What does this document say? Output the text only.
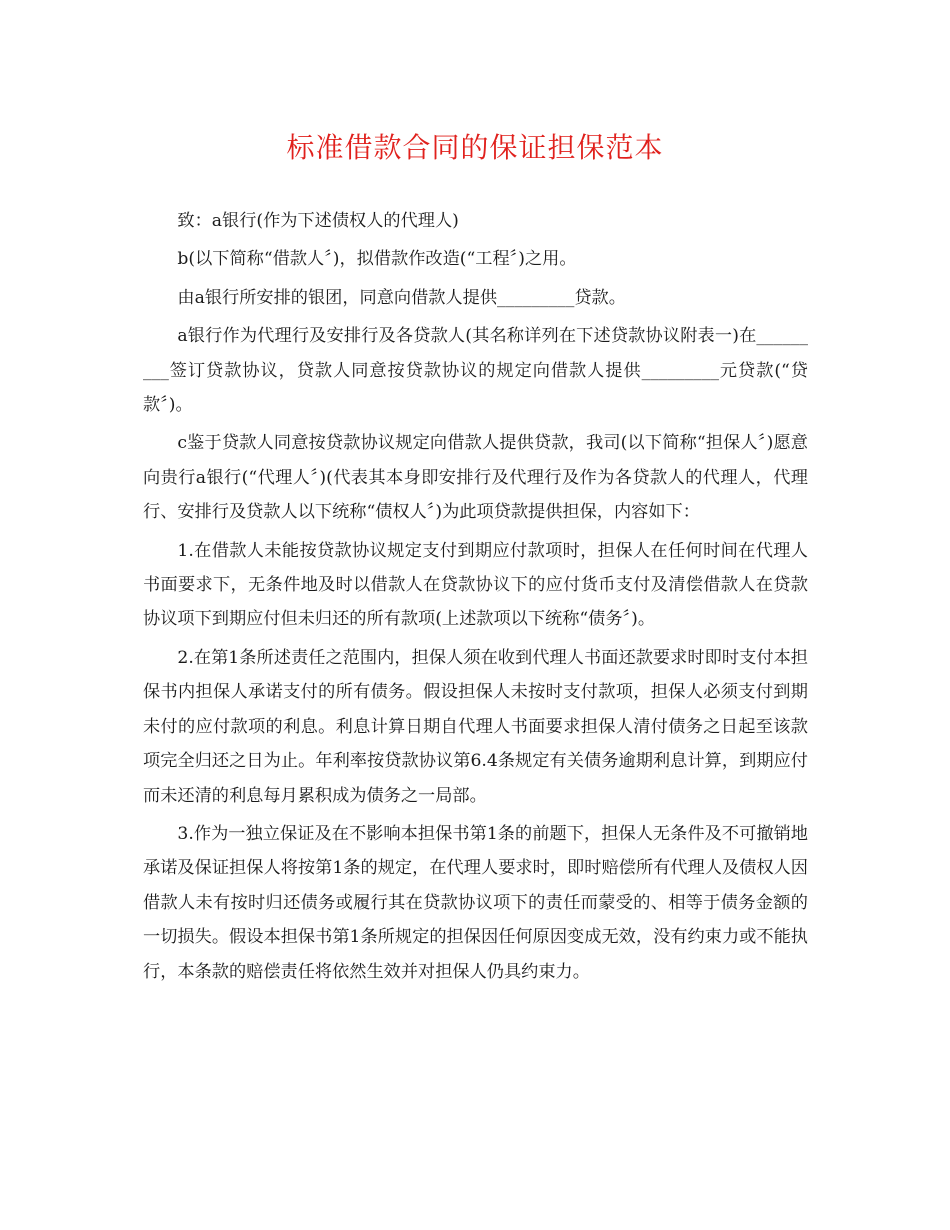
标准借款合同的保证担保范本

致：a银行(作为下述债权人的代理人)

b(以下简称“借款人〞)，拟借款作改造(“工程〞)之用。

由a银行所安排的银团，同意向借款人提供_________贷款。

a银行作为代理行及安排行及各贷款人(其名称详列在下述贷款协议附表一)在_________签订贷款协议，贷款人同意按贷款协议的规定向借款人提供_________元贷款(“贷款〞)。

c鉴于贷款人同意按贷款协议规定向借款人提供贷款，我司(以下简称“担保人〞)愿意向贵行a银行(“代理人〞)(代表其本身即安排行及代理行及作为各贷款人的代理人，代理行、安排行及贷款人以下统称“债权人〞)为此项贷款提供担保，内容如下：

1.在借款人未能按贷款协议规定支付到期应付款项时，担保人在任何时间在代理人书面要求下，无条件地及时以借款人在贷款协议下的应付货币支付及清偿借款人在贷款协议项下到期应付但未归还的所有款项(上述款项以下统称“债务〞)。

2.在第1条所述责任之范围内，担保人须在收到代理人书面还款要求时即时支付本担保书内担保人承诺支付的所有债务。假设担保人未按时支付款项，担保人必须支付到期未付的应付款项的利息。利息计算日期自代理人书面要求担保人清付债务之日起至该款项完全归还之日为止。年利率按贷款协议第6.4条规定有关债务逾期利息计算，到期应付而未还清的利息每月累积成为债务之一局部。

3.作为一独立保证及在不影响本担保书第1条的前题下，担保人无条件及不可撤销地承诺及保证担保人将按第1条的规定，在代理人要求时，即时赔偿所有代理人及债权人因借款人未有按时归还债务或履行其在贷款协议项下的责任而蒙受的、相等于债务金额的一切损失。假设本担保书第1条所规定的担保因任何原因变成无效，没有约束力或不能执行，本条款的赔偿责任将依然生效并对担保人仍具约束力。
